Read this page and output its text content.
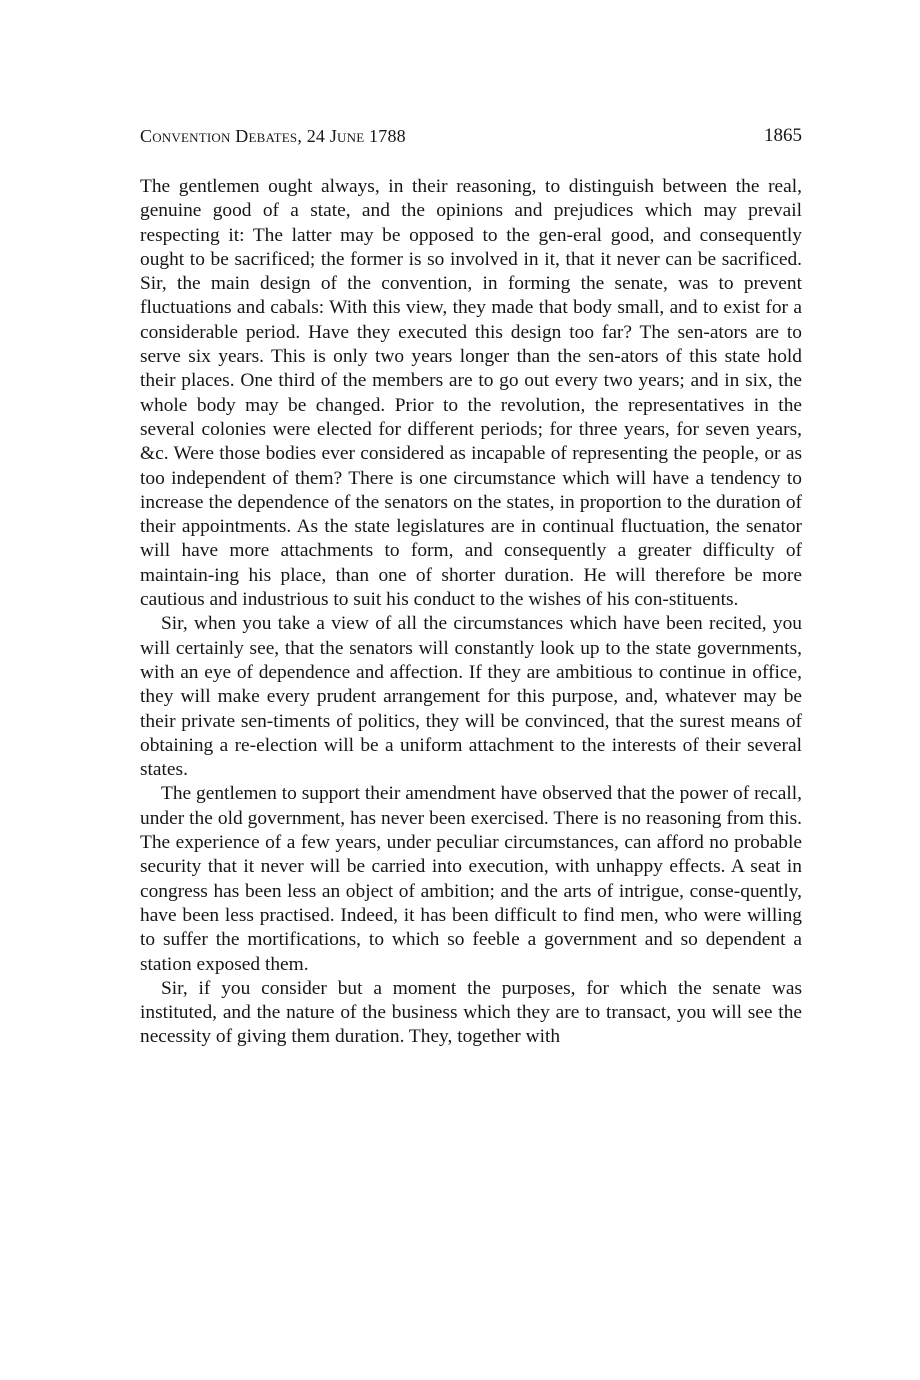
Convention Debates, 24 June 1788	1865

The gentlemen ought always, in their reasoning, to distinguish between the real, genuine good of a state, and the opinions and prejudices which may prevail respecting it: The latter may be opposed to the gen-eral good, and consequently ought to be sacrificed; the former is so involved in it, that it never can be sacrificed. Sir, the main design of the convention, in forming the senate, was to prevent fluctuations and cabals: With this view, they made that body small, and to exist for a considerable period. Have they executed this design too far? The sen-ators are to serve six years. This is only two years longer than the sen-ators of this state hold their places. One third of the members are to go out every two years; and in six, the whole body may be changed. Prior to the revolution, the representatives in the several colonies were elected for different periods; for three years, for seven years, &c. Were those bodies ever considered as incapable of representing the people, or as too independent of them? There is one circumstance which will have a tendency to increase the dependence of the senators on the states, in proportion to the duration of their appointments. As the state legislatures are in continual fluctuation, the senator will have more attachments to form, and consequently a greater difficulty of maintain-ing his place, than one of shorter duration. He will therefore be more cautious and industrious to suit his conduct to the wishes of his con-stituents.

Sir, when you take a view of all the circumstances which have been recited, you will certainly see, that the senators will constantly look up to the state governments, with an eye of dependence and affection. If they are ambitious to continue in office, they will make every prudent arrangement for this purpose, and, whatever may be their private sen-timents of politics, they will be convinced, that the surest means of obtaining a re-election will be a uniform attachment to the interests of their several states.

The gentlemen to support their amendment have observed that the power of recall, under the old government, has never been exercised. There is no reasoning from this. The experience of a few years, under peculiar circumstances, can afford no probable security that it never will be carried into execution, with unhappy effects. A seat in congress has been less an object of ambition; and the arts of intrigue, conse-quently, have been less practised. Indeed, it has been difficult to find men, who were willing to suffer the mortifications, to which so feeble a government and so dependent a station exposed them.

Sir, if you consider but a moment the purposes, for which the senate was instituted, and the nature of the business which they are to transact, you will see the necessity of giving them duration. They, together with
